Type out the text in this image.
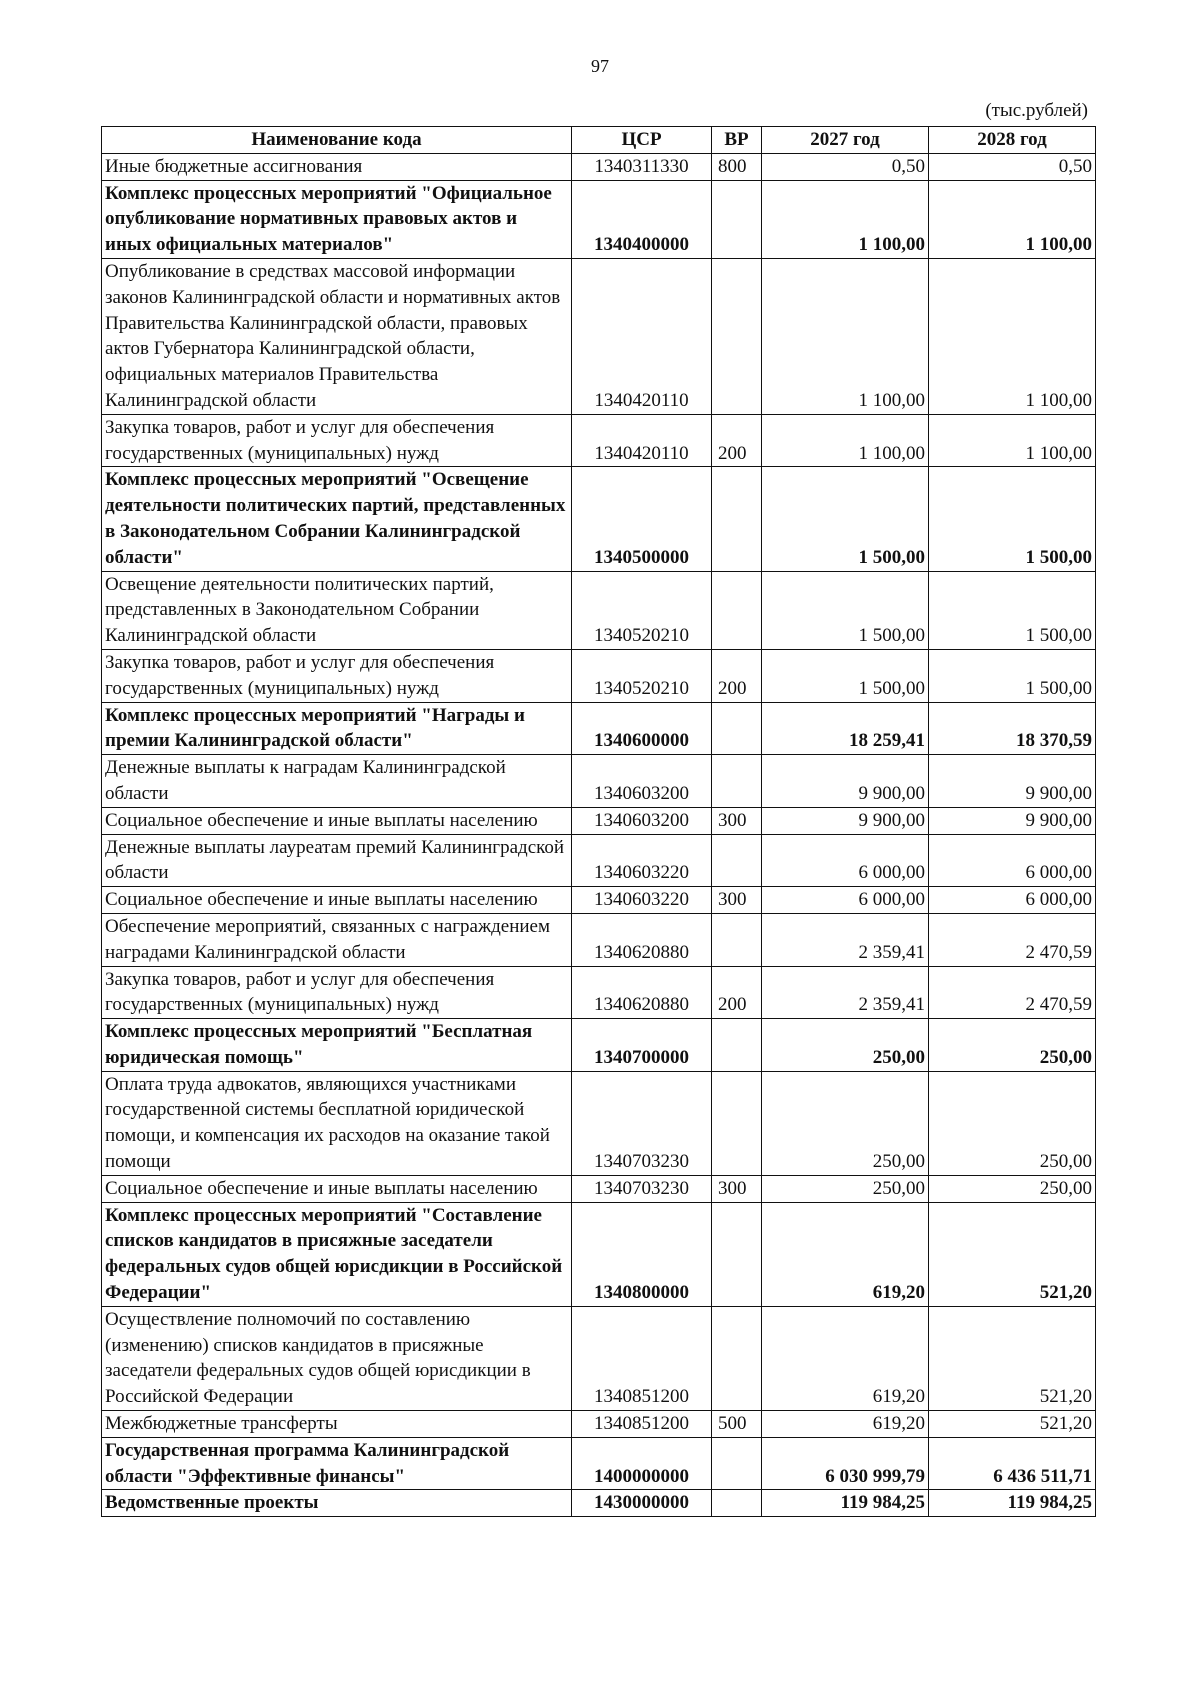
97
(тыс.рублей)
Наименование кода	ЦСР	ВР	2027 год	2028 год
Иные бюджетные ассигнования	1340311330	800	0,50	0,50
Комплекс процессных мероприятий "Официальное опубликование нормативных правовых актов и иных официальных материалов"	1340400000		1 100,00	1 100,00
Опубликование в средствах массовой информации законов Калининградской области и нормативных актов Правительства Калининградской области, правовых актов Губернатора Калининградской области, официальных материалов Правительства Калининградской области	1340420110		1 100,00	1 100,00
Закупка товаров, работ и услуг для обеспечения государственных (муниципальных) нужд	1340420110	200	1 100,00	1 100,00
Комплекс процессных мероприятий "Освещение деятельности политических партий, представленных в Законодательном Собрании Калининградской области"	1340500000		1 500,00	1 500,00
Освещение деятельности политических партий, представленных в Законодательном Собрании Калининградской области	1340520210		1 500,00	1 500,00
Закупка товаров, работ и услуг для обеспечения государственных (муниципальных) нужд	1340520210	200	1 500,00	1 500,00
Комплекс процессных мероприятий "Награды и премии Калининградской области"	1340600000		18 259,41	18 370,59
Денежные выплаты к наградам Калининградской области	1340603200		9 900,00	9 900,00
Социальное обеспечение и иные выплаты населению	1340603200	300	9 900,00	9 900,00
Денежные выплаты лауреатам премий Калининградской области	1340603220		6 000,00	6 000,00
Социальное обеспечение и иные выплаты населению	1340603220	300	6 000,00	6 000,00
Обеспечение мероприятий, связанных с награждением наградами Калининградской области	1340620880		2 359,41	2 470,59
Закупка товаров, работ и услуг для обеспечения государственных (муниципальных) нужд	1340620880	200	2 359,41	2 470,59
Комплекс процессных мероприятий "Бесплатная юридическая помощь"	1340700000		250,00	250,00
Оплата труда адвокатов, являющихся участниками государственной системы бесплатной юридической помощи, и компенсация их расходов на оказание такой помощи	1340703230		250,00	250,00
Социальное обеспечение и иные выплаты населению	1340703230	300	250,00	250,00
Комплекс процессных мероприятий "Составление списков кандидатов в присяжные заседатели федеральных судов общей юрисдикции в Российской Федерации"	1340800000		619,20	521,20
Осуществление полномочий по составлению (изменению) списков кандидатов в присяжные заседатели федеральных судов общей юрисдикции в Российской Федерации	1340851200		619,20	521,20
Межбюджетные трансферты	1340851200	500	619,20	521,20
Государственная программа Калининградской области "Эффективные финансы"	1400000000		6 030 999,79	6 436 511,71
Ведомственные проекты	1430000000		119 984,25	119 984,25
